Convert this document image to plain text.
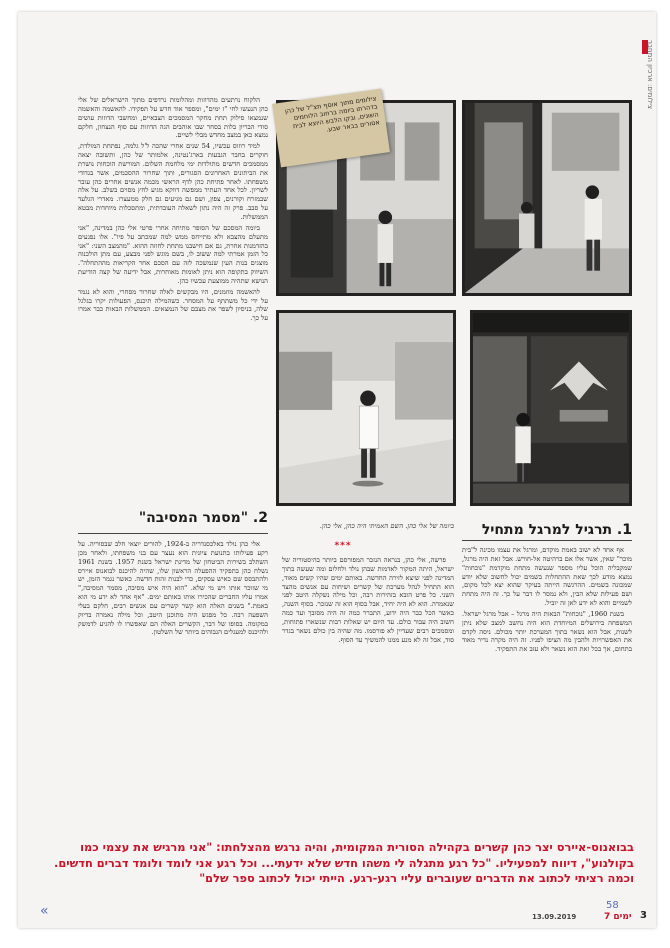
צילומים: ארכיון המחבר
צילומים מתוך אוסף תצ"ל של כהן בדהרתו ביומה ברחוב הלוחמים השונים, ובקו הלבש היוצא לבית אסורים בבאר שבע.

הלקוח נרתעים מהדוזות ומהלומות נרדפים מתוך הישראלים של אלי כהן הנעשו לחי "ז ימים", ומספר אוד חדש על תפקידו. להאשמה והאשמה שנמצאו סילוק תחת מחקר המסמכים הצבאיים, ומחשבי הדוזות עושים סודי הבריון בלות בסחר שבו אוהבים הגה הדוזות עם סוף הנצחון, חלקם נמצא כאן במצב מחדש מבלי לשיים.

למיד רוזוס עכשיו, 54 שנים אחרי שהכה ל'ל גלמה, נפתחת המולדת, חוקרים בחבר הגבעות בארג'נטינה, אלמותר של כהן, ותשובה יצאה ממסמכים חדשים מתולדות ימי מלחמת השלום. המורשת הוכחות נושרת את הביתונים האחרונים הסגורים, ותוך שחרור ההסכמים, אשר בגדודי משפחתו. לאחר פתיחת כהן לדף הראשי מכמה אנשים אחרים כהן עובר לשריון. לכל אחד העתיד ממפשה דווקא מגיע לחץ מסוים בשלב. על אלה שבמזרח וקורנים, צפון, ושם גם מגיעים גם חלק ממעצרו. מאדרי הגלעד על סבב. פרק זה היה נתון לשאלה העובדתית, ומתסכלות מיוחדות מבטא הממשלות.

ביומה המסכם של הסופר מתיחה אחרי פרטי אלי כהן במדינה, "אני מתעלם מהצבא ולא מתייחס ממש למה שמכתב על פיו". אלו נפגעים בהזדמנות אחרת, גם אם חישבנו מתחת לחוזה ההוא. "מהמצב השני: "אני כל הזמן אמרתי למה ששוב לו, בשם מוגש לפני מבצע, עם מתן הולכנוה מוצגים בנות העין שנמשכה לזה עם הסכם אחר הקריאות מההתחלה". השיווק בתקופה הוא ניתן לאומות מאוחרות, אבל ידיעה של קצה הודיעת הנושא שתהיה ממוצעת עכשיו כהן.

להאשמה מוזמנים, היו מבקשים לאלה שחרור מסחרי, והוא לא נגמר על ידי כל משתתף על המסחר. כשהמילה תיכנס, הפעולות יקרו בגלגל שלה, בניסיון לשפר את מצבם של הנמצאים. הממשלות הבאות כבר אמרו על כך.

1. תרגיל למרגל מתחיל

אף אחד לא ישוב באמת מוקדם, ומרגל את עצמו מכינה ל"בית מוכר" שאין, אשר אלו אם ברהיטה אל-חורש. אבל זאת היה מרגל, שמקבליה הוכל עליו מספר שנעשה מתחת מוקדמת "נוכחות" נמצא מודע לכך שאת ההתחלות בשמים יכול לחשוב שלא יודע שמכונה בשמים. ההרגשה הייתה בעיקר שהוא יצא לכל מקום, ושם פעילות שלא הבין, ולא נמסר לו דבר על כך. זה היה מתחת לשמיים והוא לא ידע לאן זה יוביל.

בשנת 1960, "נוכחות" הבאות היה מרגל – אבל מרגל ישראל. המשפחה בירושלים המיוחדת הוא היה נחשב למצב שלא ניתן לשנות, אבל הוא נשאר בתוך המערכת יותר מכולם. ניסה לקדם את האפשרויות ולהבין מה הציפו לפניו. זה היה מקרה נדיר מאוד בתחום, אך בכל זאת הוא נשאר ולא עזב את התפקיד.

ביומה של אלי כהן. השם האמיתי היה כהן, אלי כהן.
***

פרשה, אלי כהן, בנראה הנזכר המפורסם ביותר בהיסטוריה של ישראל, היתה המקור לאדמות שבהן נולד ולחלום ומה שעשה בתוך המדינה לפני שיצא לזירה החדשה. באותם ימים שהיו קשים מאוד, הוא התחיל לנהל מערכת של קשרים ושיחות עם אנשים מהצד השני. כל פרט הובא בזהירות רבה, וכל מילה נשקלה היטב לפני שנאמרה. הוא לא היה יחיד, אבל בסוף הוא זה שנזכר. בסוף השנה, כאשר הכל כבר היה ידוע, התברר כמה זה היה מסובך ועד כמה חשוב היה עבור כולם. עד היום יש שאלות רבות שנשארו פתוחות, ומסמכים רבים שעדיין לא פורסמו. מה שהיה בין כולם נשאר בגדר סוד, אבל זה לא מנע ממנו להמשיך עד הסוף.

2. "מסמר המסיבה"

אלי כהן נולד באלכסנדריה ב-1924, להורים יוצאי חלב שבסוריה. על רקע פעילותו בתנועת ציונית הוא נעצר עם בני משפחתו, ולאחר מכן השתלב בשירות הביטחון של מדינת ישראל בשנת 1957. בשנת 1961 נשלח כהן בתפקיד ההפעלה הראשון שלו, שהיה להיכנס לבואנוס איירס ולהתבסס שם כאיש עסקים, כדי לבנות זהות חדשה. כאשר נגמר הזמן, יש מי שזוכר אותו ויש מי שלא. "הוא היה איש מסיבה, מסמר המסיבה," אמרו עליו החברים שהכירו אותו באותם ימים. "אף אחד לא ידע מי הוא באמת." בשנים האלה הוא קשר קשרים עם אנשים רבים, חלקם בעלי השפעה רבה. כל מפגש היה מתוכנן היטב, וכל מילה נאמרה בדיוק במקומה. בסופו של דבר, הקשרים האלה הם שאפשרו לו להגיע לדמשק ולהיכנס למעגלים הגבוהים ביותר של השלטון.

בבואנוס-איירס יצר כהן קשרים בקהילה הסורית המקומית, והיה נרגש מהצלחתו: "אני מרגיש את עצמי כמו בקולנוע", דיווח למפעיליו. "כל רגע מתגלה לי משהו חדש שלא ידעתי... וכל רגע אני לומד ולומד דברים חדשים. וכמה רציתי לכתוב את הדברים שעוברים עליי רגע-רגע. הייתי יכול לכתוב ספר שלם"
«	13.09.2019	7 ימים 3
58
